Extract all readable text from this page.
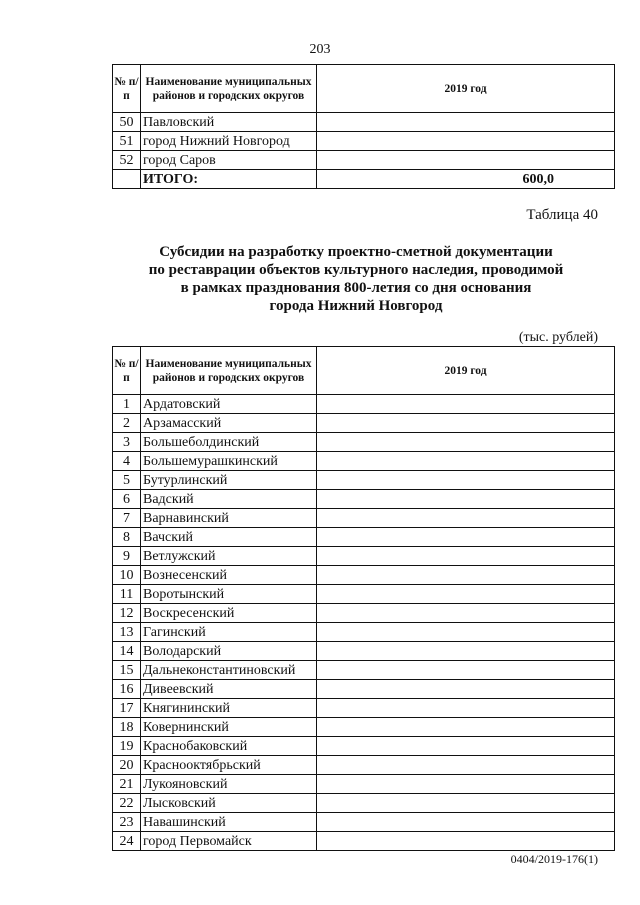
203
№ п/п	Наименование муниципальных районов и городских округов	2019 год
50	Павловский	
51	город Нижний Новгород	
52	город Саров	
	ИТОГО:	600,0
Таблица 40
Субсидии на разработку проектно-сметной документации
по реставрации объектов культурного наследия, проводимой
в рамках празднования 800-летия со дня основания
города Нижний Новгород
(тыс. рублей)
№ п/п	Наименование муниципальных районов и городских округов	2019 год
1	Ардатовский	
2	Арзамасский	
3	Большеболдинский	
4	Большемурашкинский	
5	Бутурлинский	
6	Вадский	
7	Варнавинский	
8	Вачский	
9	Ветлужский	
10	Вознесенский	
11	Воротынский	
12	Воскресенский	
13	Гагинский	
14	Володарский	
15	Дальнеконстантиновский	
16	Дивеевский	
17	Княгининский	
18	Ковернинский	
19	Краснобаковский	
20	Краснооктябрьский	
21	Лукояновский	
22	Лысковский	
23	Навашинский	
24	город Первомайск	
0404/2019-176(1)
